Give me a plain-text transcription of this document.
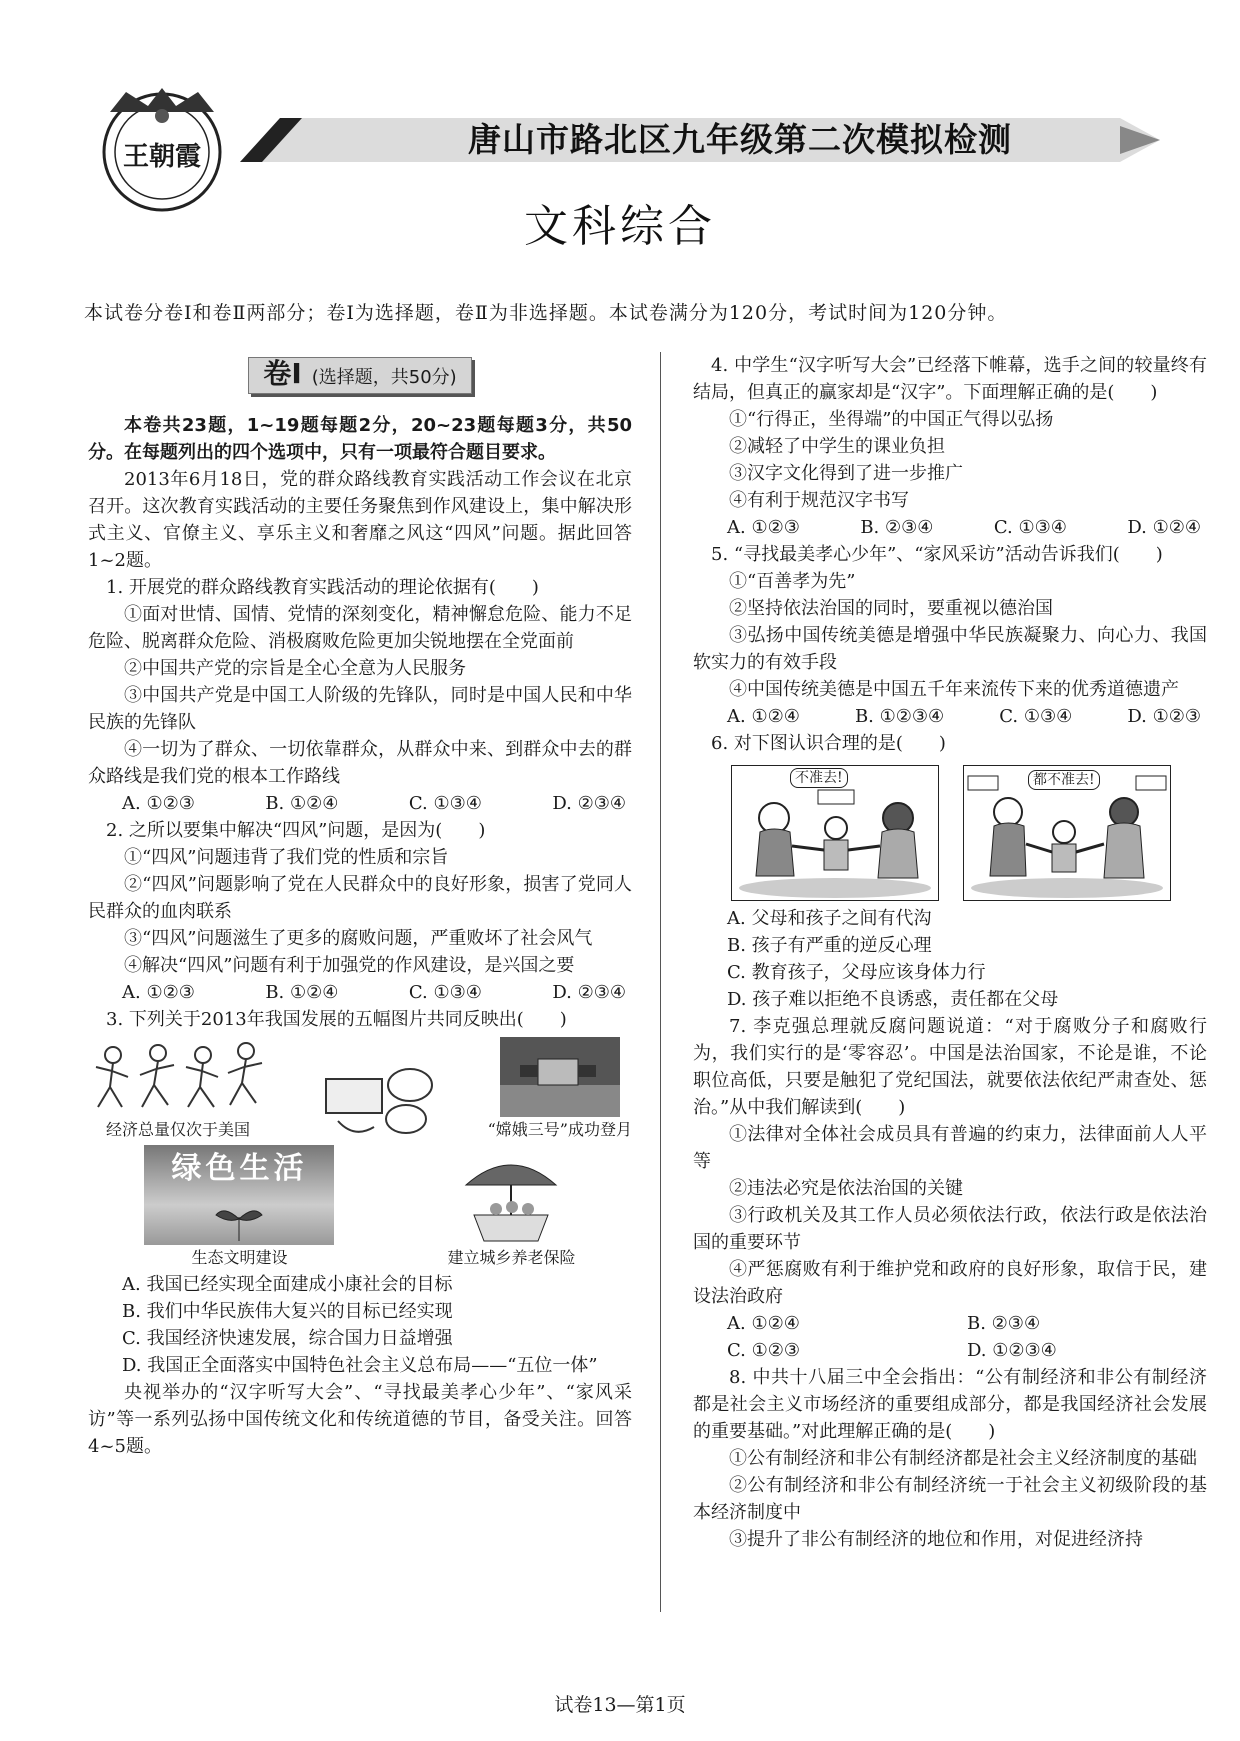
王朝霞	唐山市路北区九年级第二次模拟检测
文科综合
本试卷分卷Ⅰ和卷Ⅱ两部分；卷Ⅰ为选择题，卷Ⅱ为非选择题。本试卷满分为120分，考试时间为120分钟。
卷Ⅰ (选择题，共50分)

本卷共23题，1~19题每题2分，20~23题每题3分，共50分。在每题列出的四个选项中，只有一项最符合题目要求。

2013年6月18日，党的群众路线教育实践活动工作会议在北京召开。这次教育实践活动的主要任务聚焦到作风建设上，集中解决形式主义、官僚主义、享乐主义和奢靡之风这“四风”问题。据此回答1~2题。

1. 开展党的群众路线教育实践活动的理论依据有(　　)

①面对世情、国情、党情的深刻变化，精神懈怠危险、能力不足危险、脱离群众危险、消极腐败危险更加尖锐地摆在全党面前

②中国共产党的宗旨是全心全意为人民服务

③中国共产党是中国工人阶级的先锋队，同时是中国人民和中华民族的先锋队

④一切为了群众、一切依靠群众，从群众中来、到群众中去的群众路线是我们党的根本工作路线

A. ①②③	B. ①②④	C. ①③④	D. ②③④

2. 之所以要集中解决“四风”问题，是因为(　　)

①“四风”问题违背了我们党的性质和宗旨

②“四风”问题影响了党在人民群众中的良好形象，损害了党同人民群众的血肉联系

③“四风”问题滋生了更多的腐败问题，严重败坏了社会风气

④解决“四风”问题有利于加强党的作风建设，是兴国之要

A. ①②③	B. ①②④	C. ①③④	D. ②③④

3. 下列关于2013年我国发展的五幅图片共同反映出(　　)

经济总量仅次于美国	“嫦娥三号”成功登月
绿色生活
生态文明建设	建立城乡养老保险

A. 我国已经实现全面建成小康社会的目标

B. 我们中华民族伟大复兴的目标已经实现

C. 我国经济快速发展，综合国力日益增强

D. 我国正全面落实中国特色社会主义总布局——“五位一体”

央视举办的“汉字听写大会”、“寻找最美孝心少年”、“家风采访”等一系列弘扬中国传统文化和传统道德的节目，备受关注。回答4~5题。

4. 中学生“汉字听写大会”已经落下帷幕，选手之间的较量终有结局，但真正的赢家却是“汉字”。下面理解正确的是(　　)

①“行得正，坐得端”的中国正气得以弘扬

②减轻了中学生的课业负担

③汉字文化得到了进一步推广

④有利于规范汉字书写

A. ①②③	B. ②③④	C. ①③④	D. ①②④

5. “寻找最美孝心少年”、“家风采访”活动告诉我们(　　)

①“百善孝为先”

②坚持依法治国的同时，要重视以德治国

③弘扬中国传统美德是增强中华民族凝聚力、向心力、我国软实力的有效手段

④中国传统美德是中国五千年来流传下来的优秀道德遗产

A. ①②④	B. ①②③④	C. ①③④	D. ①②③

6. 对下图认识合理的是(　　)

不准去!	都不准去!

A. 父母和孩子之间有代沟

B. 孩子有严重的逆反心理

C. 教育孩子，父母应该身体力行

D. 孩子难以拒绝不良诱惑，责任都在父母

7. 李克强总理就反腐问题说道：“对于腐败分子和腐败行为，我们实行的是‘零容忍’。中国是法治国家，不论是谁，不论职位高低，只要是触犯了党纪国法，就要依法依纪严肃查处、惩治。”从中我们解读到(　　)

①法律对全体社会成员具有普遍的约束力，法律面前人人平等

②违法必究是依法治国的关键

③行政机关及其工作人员必须依法行政，依法行政是依法治国的重要环节

④严惩腐败有利于维护党和政府的良好形象，取信于民，建设法治政府

A. ①②④	B. ②③④
C. ①②③	D. ①②③④

8. 中共十八届三中全会指出：“公有制经济和非公有制经济都是社会主义市场经济的重要组成部分，都是我国经济社会发展的重要基础。”对此理解正确的是(　　)

①公有制经济和非公有制经济都是社会主义经济制度的基础

②公有制经济和非公有制经济统一于社会主义初级阶段的基本经济制度中

③提升了非公有制经济的地位和作用，对促进经济持

试卷13—第1页
